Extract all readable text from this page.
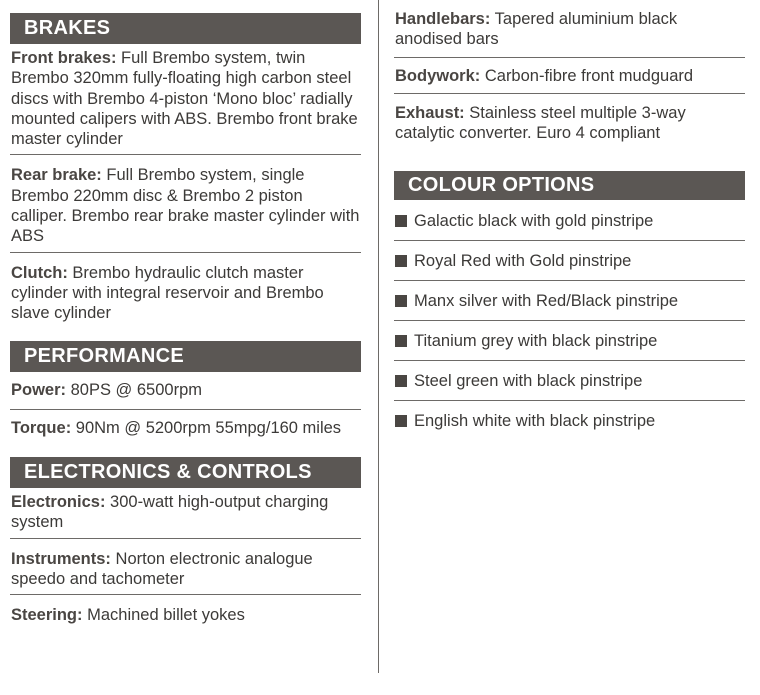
BRAKES
Front brakes: Full Brembo system, twin Brembo 320mm fully-floating high carbon steel discs with Brembo 4-piston ‘Mono bloc’ radially mounted calipers with ABS. Brembo front brake master cylinder
Rear brake: Full Brembo system, single Brembo 220mm disc & Brembo 2 piston calliper. Brembo rear brake master cylinder with ABS
Clutch: Brembo hydraulic clutch master cylinder with integral reservoir and Brembo slave cylinder
PERFORMANCE
Power: 80PS @ 6500rpm
Torque: 90Nm @ 5200rpm 55mpg/160 miles
ELECTRONICS & CONTROLS
Electronics: 300-watt high-output charging system
Instruments: Norton electronic analogue speedo and tachometer
Steering: Machined billet yokes
Handlebars: Tapered aluminium black anodised bars
Bodywork: Carbon-fibre front mudguard
Exhaust: Stainless steel multiple 3-way catalytic converter. Euro 4 compliant
COLOUR OPTIONS
Galactic black with gold pinstripe
Royal Red with Gold pinstripe
Manx silver with Red/Black pinstripe
Titanium grey with black pinstripe
Steel green with black pinstripe
English white with black pinstripe
